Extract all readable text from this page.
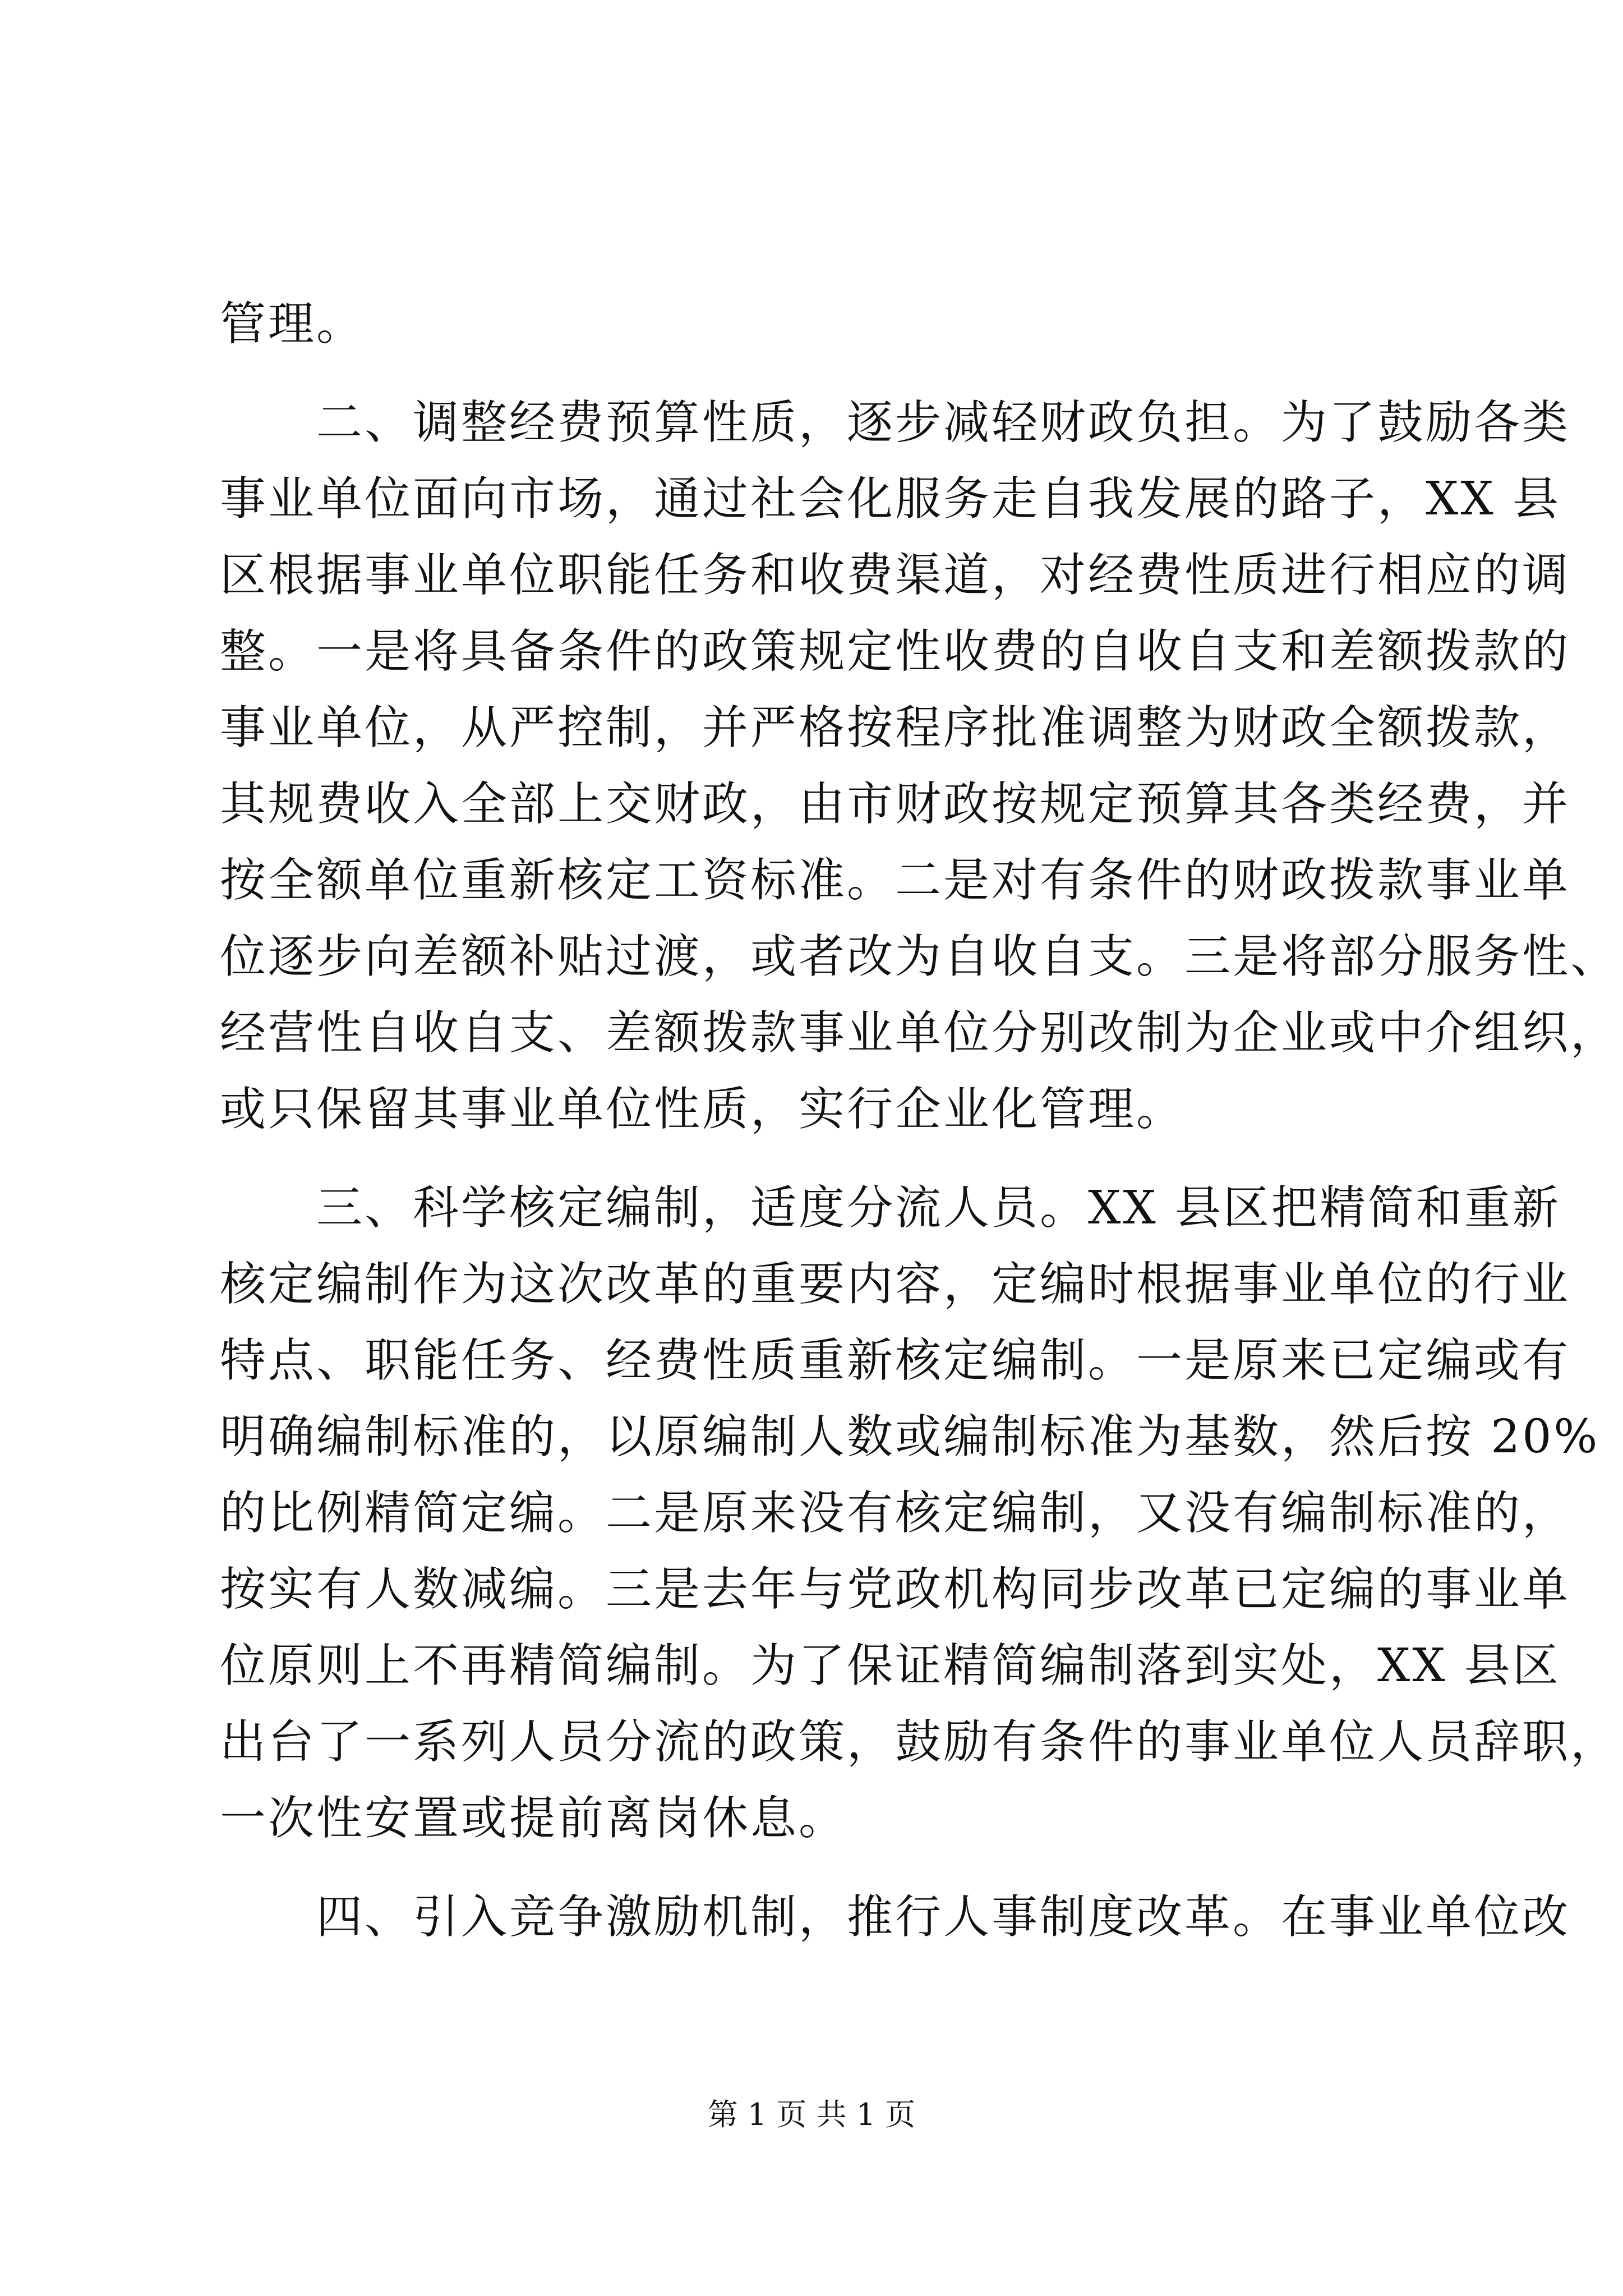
管理。
二、调整经费预算性质，逐步减轻财政负担。为了鼓励各类
事业单位面向市场，通过社会化服务走自我发展的路子，XX 县
区根据事业单位职能任务和收费渠道，对经费性质进行相应的调
整。一是将具备条件的政策规定性收费的自收自支和差额拨款的
事业单位，从严控制，并严格按程序批准调整为财政全额拨款，
其规费收入全部上交财政，由市财政按规定预算其各类经费，并
按全额单位重新核定工资标准。二是对有条件的财政拨款事业单
位逐步向差额补贴过渡，或者改为自收自支。三是将部分服务性、
经营性自收自支、差额拨款事业单位分别改制为企业或中介组织，
或只保留其事业单位性质，实行企业化管理。
三、科学核定编制，适度分流人员。XX 县区把精简和重新
核定编制作为这次改革的重要内容，定编时根据事业单位的行业
特点、职能任务、经费性质重新核定编制。一是原来已定编或有
明确编制标准的，以原编制人数或编制标准为基数，然后按 20%
的比例精简定编。二是原来没有核定编制，又没有编制标准的，
按实有人数减编。三是去年与党政机构同步改革已定编的事业单
位原则上不再精简编制。为了保证精简编制落到实处，XX 县区
出台了一系列人员分流的政策，鼓励有条件的事业单位人员辞职，
一次性安置或提前离岗休息。
四、引入竞争激励机制，推行人事制度改革。在事业单位改
第 1 页 共 1 页
